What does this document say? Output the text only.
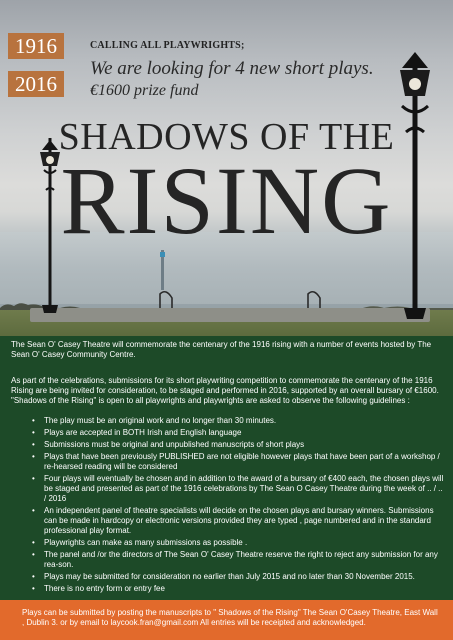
1916
2016
CALLING ALL PLAYWRIGHTS;
We are looking for 4 new short plays.
€1600 prize fund
SHADOWS OF THE
RISING

The Sean O' Casey Theatre will commemorate the centenary of the 1916 rising with a number of events hosted by The Sean O' Casey Community Centre.

As part of the celebrations, submissions for its short playwriting competition to commemorate the centenary of the 1916 Rising are being invited for consideration, to be staged and performed in 2016, supported by an overall bursary of €1600. "Shadows of the Rising" is open to all playwrights and playwrights are asked to observe the following guidelines :

• The play must be an original work and no longer than 30 minutes.
• Plays are accepted in BOTH Irish and English language
• Submissions must be original and unpublished manuscripts of short plays
• Plays that have been previously PUBLISHED are not eligible however plays that have been part of a workshop / re-hearsed reading will be considered
• Four plays will eventually be chosen and in addition to the award of a bursary of €400 each, the chosen plays will be staged and presented as part of the 1916 celebrations by The Sean O Casey Theatre during the week of .. / .. / 2016
• An independent panel of theatre specialists will decide on the chosen plays and bursary winners. Submissions can be made in hardcopy or electronic versions provided they are typed , page numbered and in the standard professional play format.
• Playwrights can make as many submissions as possible .
• The panel and /or the directors of The Sean O' Casey Theatre reserve the right to reject any submission for any rea-son.
• Plays may be submitted for consideration no earlier than July 2015 and no later than 30 November 2015.
• There is no entry form or entry fee

Plays can be submitted by posting the manuscripts to " Shadows of the Rising" The Sean O'Casey Theatre, East Wall , Dublin 3. or by email to laycook.fran@gmail.com All entries will be receipted and acknowledged.
